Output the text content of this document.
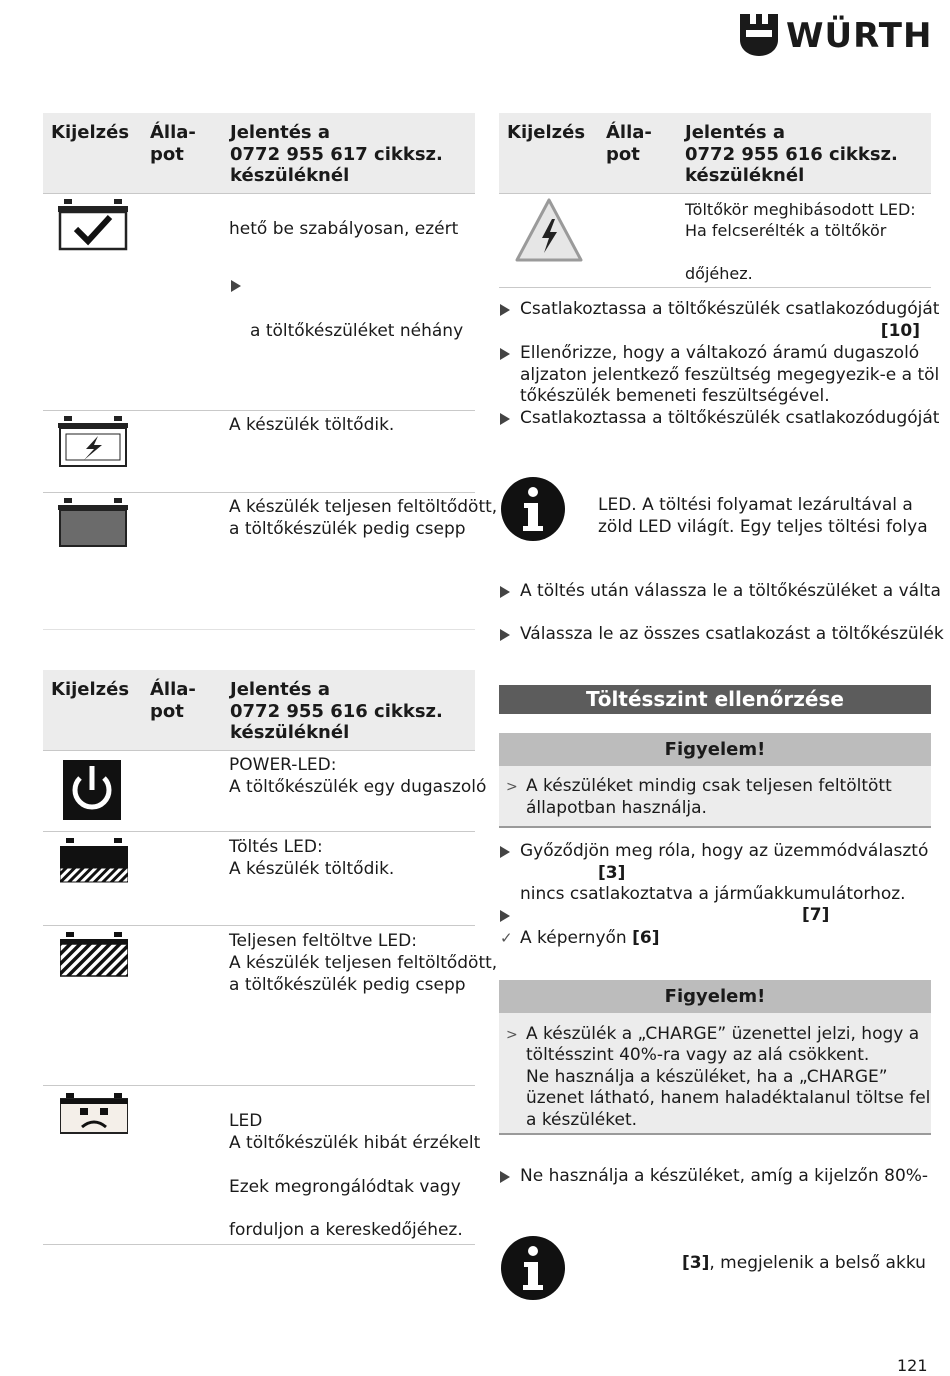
WÜRTH
Kijelzés Álla-
pot
Jelentés a
0772 955 617 cikksz.
készüléknél
hető be szabályosan, ezért
a töltőkészüléket néhány
A készülék töltődik.
A készülék teljesen feltöltődött,
a töltőkészülék pedig csepp
Kijelzés Álla-
pot
Jelentés a
0772 955 616 cikksz.
készüléknél
POWER-LED:
A töltőkészülék egy dugaszoló
Töltés LED:
A készülék töltődik.
Teljesen feltöltve LED:
A készülék teljesen feltöltődött,
a töltőkészülék pedig csepp
LED
A töltőkészülék hibát érzékelt
Ezek megrongálódtak vagy
forduljon a kereskedőjéhez.
Kijelzés Álla-
pot
Jelentés a
0772 955 616 cikksz.
készüléknél
Töltőkör meghibásodott LED:
Ha felcserélték a töltőkör
dőjéhez.
Csatlakoztassa a töltőkészülék csatlakozódugóját
[10]
Ellenőrizze, hogy a váltakozó áramú dugaszoló
aljzaton jelentkező feszültség megegyezik-e a töl
tőkészülék bemeneti feszültségével.
Csatlakoztassa a töltőkészülék csatlakozódugóját
LED. A töltési folyamat lezárultával a
zöld LED világít. Egy teljes töltési folya
A töltés után válassza le a töltőkészüléket a válta
Válassza le az összes csatlakozást a töltőkészülék
Töltésszint ellenőrzése
Figyelem!
> A készüléket mindig csak teljesen feltöltött
állapotban használja.
Győződjön meg róla, hogy az üzemmódválasztó
[3]
nincs csatlakoztatva a járműakkumulátorhoz.
[7]
✓ A képernyőn [6]
Figyelem!
> A készülék a „CHARGE” üzenettel jelzi, hogy a
töltésszint 40%-ra vagy az alá csökkent.
Ne használja a készüléket, ha a „CHARGE”
üzenet látható, hanem haladéktalanul töltse fel
a készüléket.
Ne használja a készüléket, amíg a kijelzőn 80%-
[3], megjelenik a belső akku
121
